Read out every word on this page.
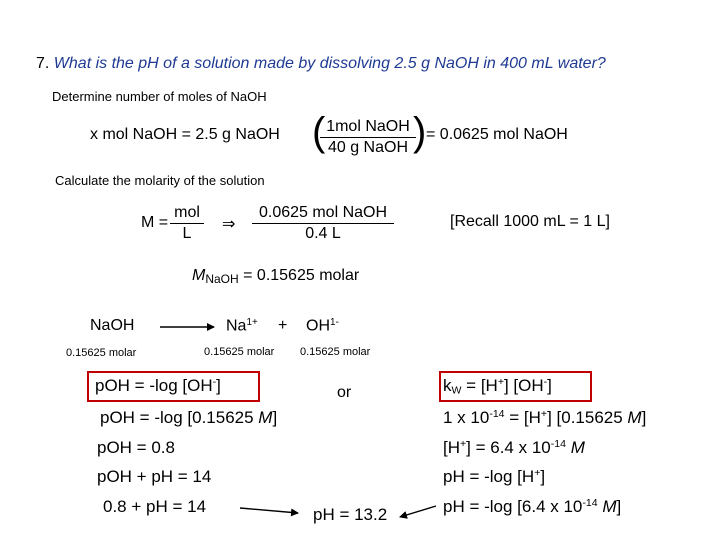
7. What is the pH of a solution made by dissolving 2.5 g NaOH in 400 mL water?
Determine number of moles of NaOH
x mol NaOH = 2.5 g NaOH ( 1mol NaOH
40 g NaOH ) = 0.0625 mol NaOH
Calculate the molarity of the solution
M =
mol
L
⇒
0.0625 mol NaOH
0.4 L
[Recall 1000 mL = 1 L]
$M_{NaOH} = 0.15625$ molar
NaOH	$Na^{1+} + OH^{1-}$
0.15625 molar	0.15625 molar 0.15625 molar
pOH = -log [OH-]	or
pOH = -log [0.15625 M]
pOH = 0.8
pOH + pH = 14
0.8 + pH = 14	pH = 13.2
$k_W = [H^+]$ [OH-]
1 x $10^{-14} = [H^+]$ [0.15625 M]
[H+] = 6.4 x $10^{-14}$ M
pH = -log [H+]
pH = -log [6.4 x $10^{-14}$ M]
